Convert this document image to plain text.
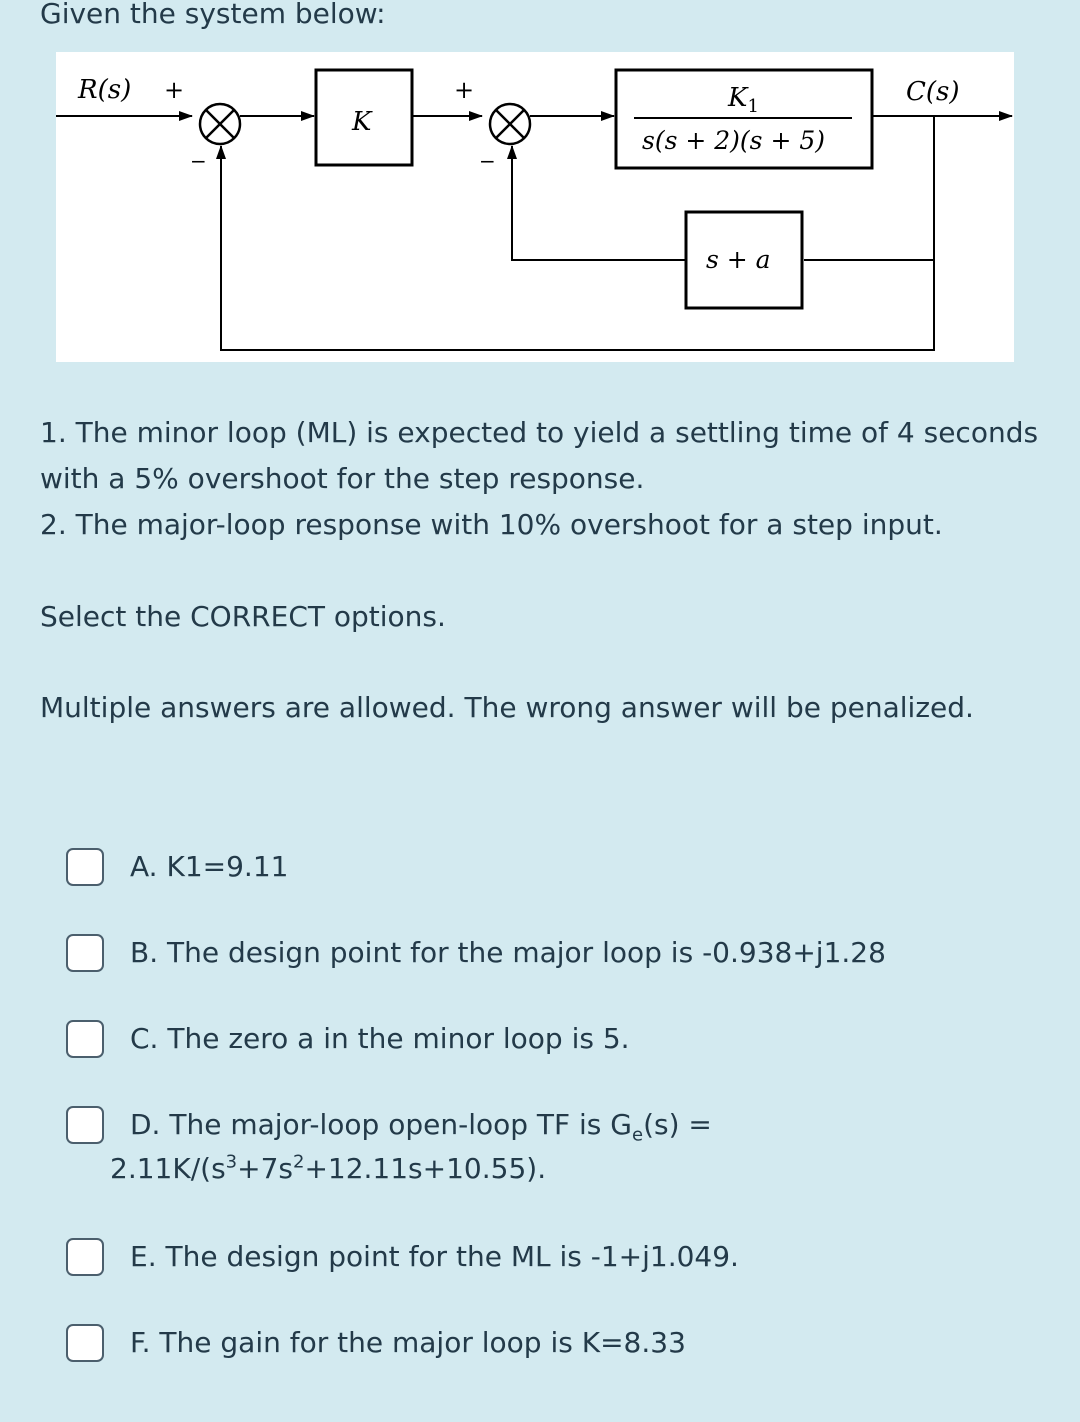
Given the system below:
R(s) +
−
K
+
−
$K_1$
s(s + 2)(s + 5)
C(s)
s + a

1. The minor loop (ML) is expected to yield a settling time of 4 seconds with a 5% overshoot for the step response.

2. The major-loop response with 10% overshoot for a step input.

Select the CORRECT options.

Multiple answers are allowed. The wrong answer will be penalized.

A. K1=9.11
B. The design point for the major loop is -0.938+j1.28
C. The zero a in the minor loop is 5.
D. The major-loop open-loop TF is $G_e(s)$ =
$2.11K/(s^3+7s^2+12.11s+10.55)$.
E. The design point for the ML is -1+j1.049.
F. The gain for the major loop is K=8.33
